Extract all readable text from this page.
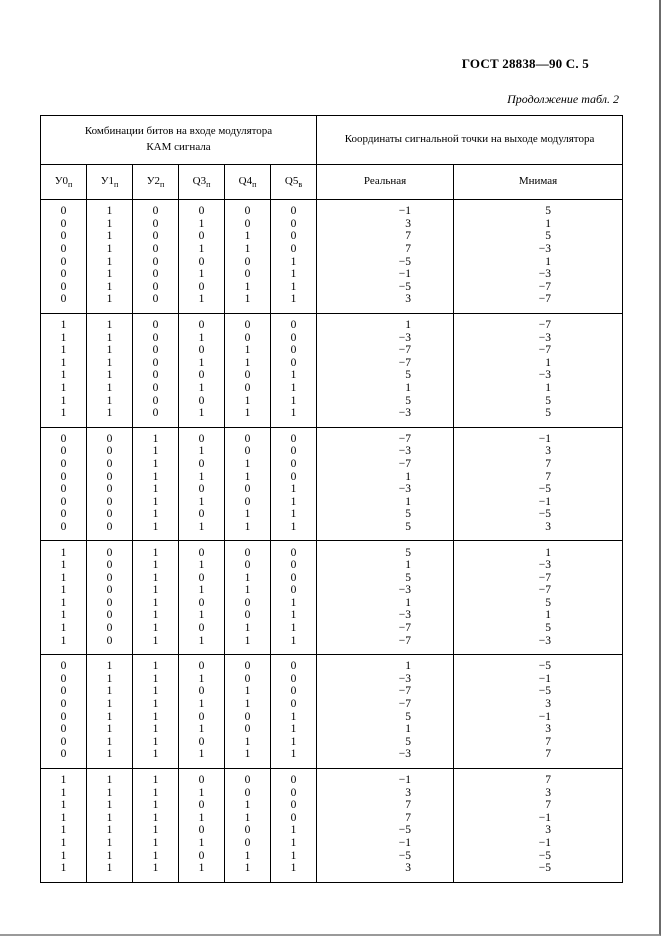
ГОСТ 28838—90 С. 5
Продолжение табл. 2
Комбинации битов на входе модулятора
КАМ сигнала						Координаты сигнальной точки на выходе модулятора	
$У0_п$	$У1_п$	$У2_п$	$Q3_п$	$Q4_п$	$Q5_в$	Реальная	Мнимая
0	1	0	0	0	0	−1	5
0	1	0	1	0	0	3	1
0	1	0	0	1	0	7	5
0	1	0	1	1	0	7	−3
0	1	0	0	0	1	−5	1
0	1	0	1	0	1	−1	−3
0	1	0	0	1	1	−5	−7
0	1	0	1	1	1	3	−7
1	1	0	0	0	0	1	−7
1	1	0	1	0	0	−3	−3
1	1	0	0	1	0	−7	−7
1	1	0	1	1	0	−7	1
1	1	0	0	0	1	5	−3
1	1	0	1	0	1	1	1
1	1	0	0	1	1	5	5
1	1	0	1	1	1	−3	5
0	0	1	0	0	0	−7	−1
0	0	1	1	0	0	−3	3
0	0	1	0	1	0	−7	7
0	0	1	1	1	0	1	7
0	0	1	0	0	1	−3	−5
0	0	1	1	0	1	1	−1
0	0	1	0	1	1	5	−5
0	0	1	1	1	1	5	3
1	0	1	0	0	0	5	1
1	0	1	1	0	0	1	−3
1	0	1	0	1	0	5	−7
1	0	1	1	1	0	−3	−7
1	0	1	0	0	1	1	5
1	0	1	1	0	1	−3	1
1	0	1	0	1	1	−7	5
1	0	1	1	1	1	−7	−3
0	1	1	0	0	0	1	−5
0	1	1	1	0	0	−3	−1
0	1	1	0	1	0	−7	−5
0	1	1	1	1	0	−7	3
0	1	1	0	0	1	5	−1
0	1	1	1	0	1	1	3
0	1	1	0	1	1	5	7
0	1	1	1	1	1	−3	7
1	1	1	0	0	0	−1	7
1	1	1	1	0	0	3	3
1	1	1	0	1	0	7	7
1	1	1	1	1	0	7	−1
1	1	1	0	0	1	−5	3
1	1	1	1	0	1	−1	−1
1	1	1	0	1	1	−5	−5
1	1	1	1	1	1	3	−5
